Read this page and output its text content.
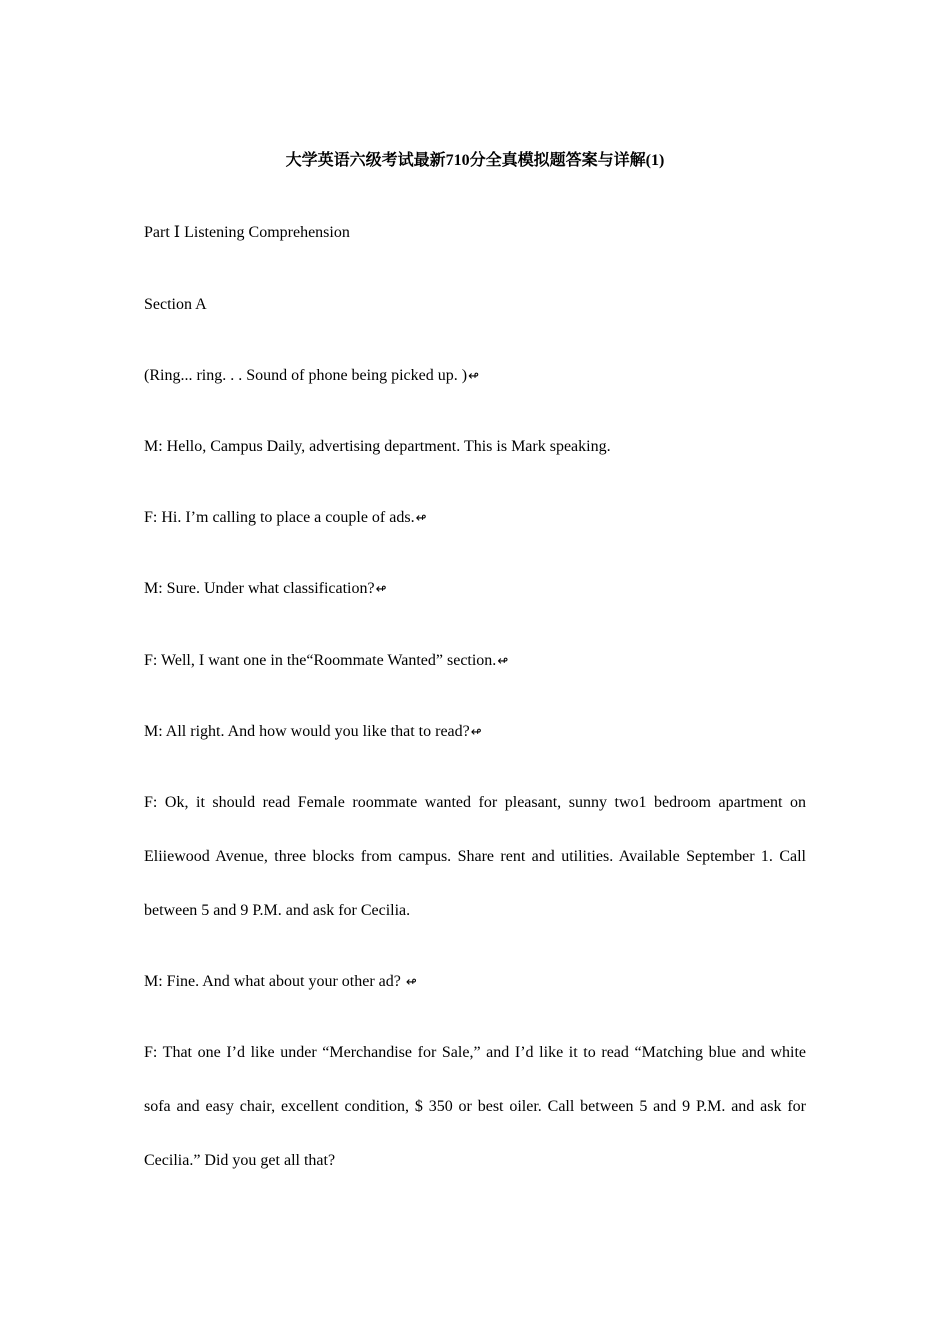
大学英语六级考试最新710分全真模拟题答案与详解(1)
Part Ⅰ Listening Comprehension
Section A
(Ring... ring. . . Sound of phone being picked up. )↫
M: Hello, Campus Daily, advertising department. This is Mark speaking.
F: Hi. I’m calling to place a couple of ads.↫
M: Sure. Under what classification?↫
F: Well, I want one in the“Roommate Wanted” section.↫
M: All right. And how would you like that to read?↫
F: Ok, it should read Female roommate wanted for pleasant, sunny two1 bedroom apartment on Eliiewood Avenue, three blocks from campus. Share rent and utilities. Available September 1. Call between 5 and 9 P.M. and ask for Cecilia.
M: Fine. And what about your other ad? ↫
F: That one I’d like under “Merchandise for Sale,” and I’d like it to read “Matching blue and white sofa and easy chair, excellent condition, $ 350 or best oiler. Call between 5 and 9 P.M. and ask for Cecilia.” Did you get all that?
